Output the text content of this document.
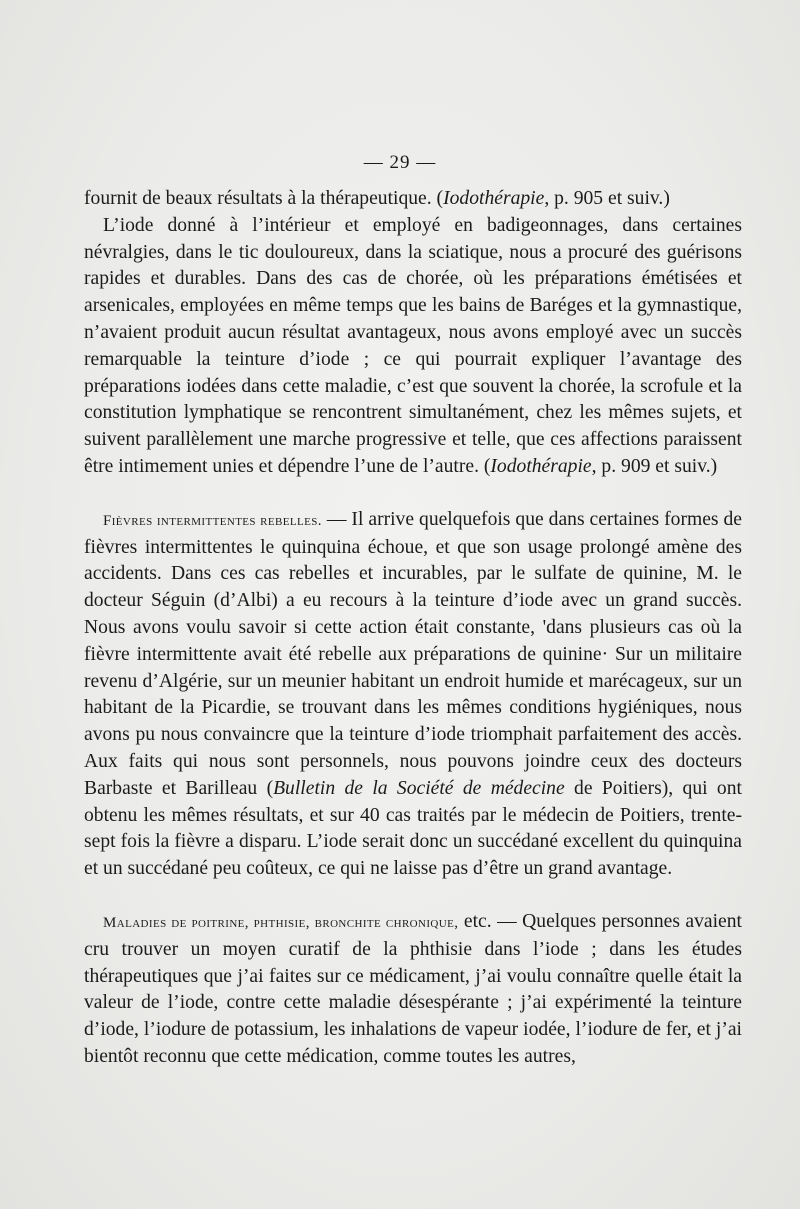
— 29 —

fournit de beaux résultats à la thérapeutique. (Iodothérapie, p. 905 et suiv.)

L’iode donné à l’intérieur et employé en badigeonnages, dans certaines névralgies, dans le tic douloureux, dans la sciatique, nous a procuré des guérisons rapides et durables. Dans des cas de chorée, où les préparations émétisées et arsenicales, employées en même temps que les bains de Baréges et la gymnastique, n’avaient produit aucun résultat avantageux, nous avons employé avec un succès remarquable la teinture d’iode ; ce qui pourrait expliquer l’avantage des préparations iodées dans cette maladie, c’est que souvent la chorée, la scrofule et la constitution lymphatique se rencontrent simultanément, chez les mêmes sujets, et suivent parallèlement une marche progressive et telle, que ces affections paraissent être intimement unies et dépendre l’une de l’autre. (Iodothérapie, p. 909 et suiv.)

Fièvres intermittentes rebelles. — Il arrive quelquefois que dans certaines formes de fièvres intermittentes le quinquina échoue, et que son usage prolongé amène des accidents. Dans ces cas rebelles et incurables, par le sulfate de quinine, M. le docteur Séguin (d’Albi) a eu recours à la teinture d’iode avec un grand succès. Nous avons voulu savoir si cette action était constante, 'dans plusieurs cas où la fièvre intermittente avait été rebelle aux préparations de quinine· Sur un militaire revenu d’Algérie, sur un meunier habitant un endroit humide et marécageux, sur un habitant de la Picardie, se trouvant dans les mêmes conditions hygiéniques, nous avons pu nous convaincre que la teinture d’iode triomphait parfaitement des accès. Aux faits qui nous sont personnels, nous pouvons joindre ceux des docteurs Barbaste et Barilleau (Bulletin de la Société de médecine de Poitiers), qui ont obtenu les mêmes résultats, et sur 40 cas traités par le médecin de Poitiers, trente-sept fois la fièvre a disparu. L’iode serait donc un succédané excellent du quinquina et un succédané peu coûteux, ce qui ne laisse pas d’être un grand avantage.

Maladies de poitrine, phthisie, bronchite chronique, etc. — Quelques personnes avaient cru trouver un moyen curatif de la phthisie dans l’iode ; dans les études thérapeutiques que j’ai faites sur ce médicament, j’ai voulu connaître quelle était la valeur de l’iode, contre cette maladie désespérante ; j’ai expérimenté la teinture d’iode, l’iodure de potassium, les inhalations de vapeur iodée, l’iodure de fer, et j’ai bientôt reconnu que cette médication, comme toutes les autres,
